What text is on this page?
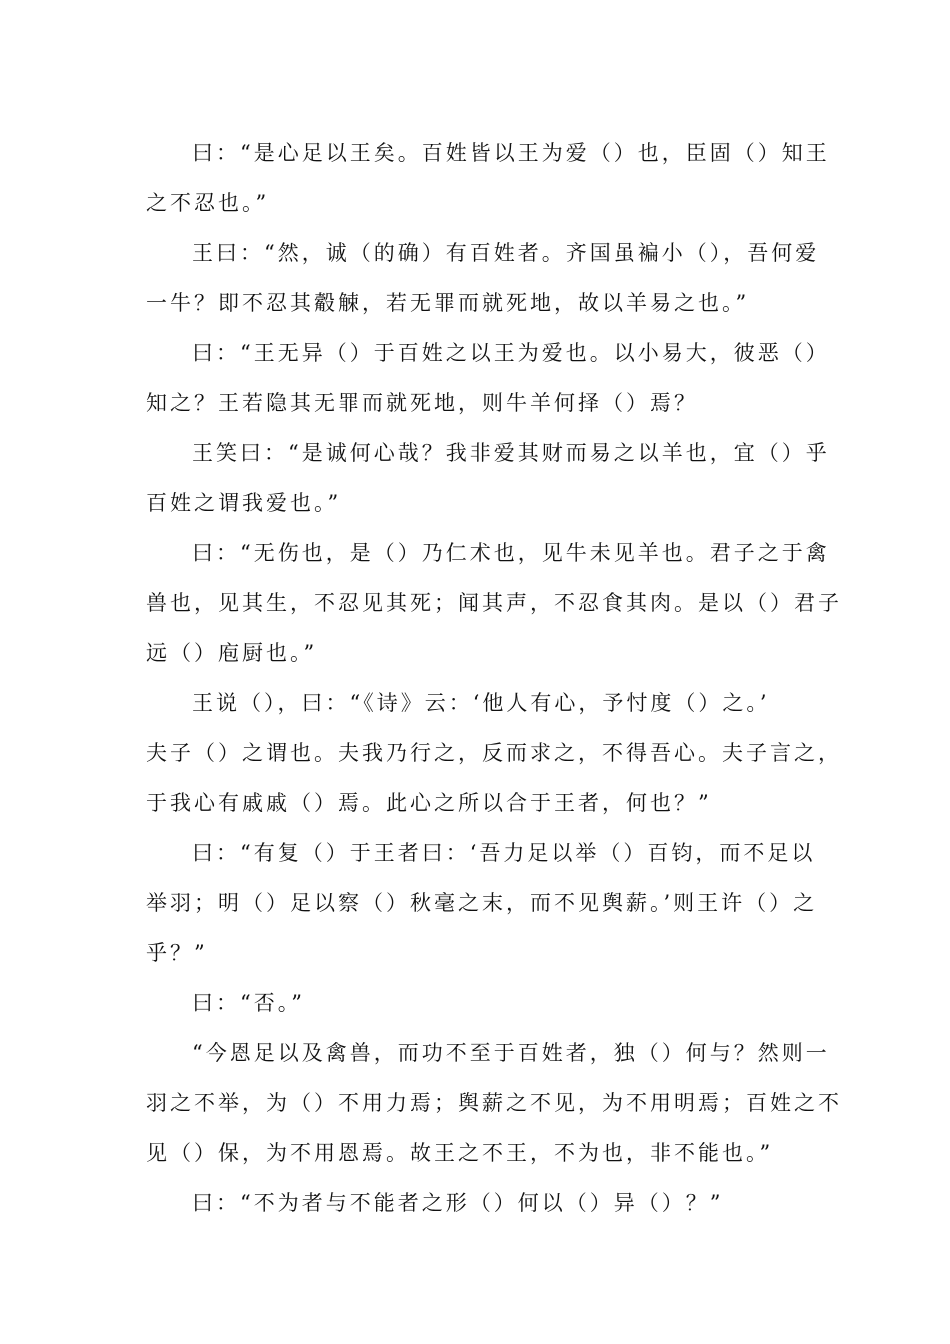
曰：“是心足以王矣。百姓皆以王为爱（）也，臣固（）知王
之不忍也。”
王曰：“然，诚（的确）有百姓者。齐国虽褊小（），吾何爱
一牛？即不忍其觳觫，若无罪而就死地，故以羊易之也。”
曰：“王无异（）于百姓之以王为爱也。以小易大，彼恶（）
知之？王若隐其无罪而就死地，则牛羊何择（）焉？
王笑曰：“是诚何心哉？我非爱其财而易之以羊也，宜（）乎
百姓之谓我爱也。”
曰：“无伤也，是（）乃仁术也，见牛未见羊也。君子之于禽
兽也，见其生，不忍见其死；闻其声，不忍食其肉。是以（）君子
远（）庖厨也。”
王说（），曰：“《诗》云：‘他人有心，予忖度（）之。’
夫子（）之谓也。夫我乃行之，反而求之，不得吾心。夫子言之，
于我心有戚戚（）焉。此心之所以合于王者，何也？”
曰：“有复（）于王者曰：‘吾力足以举（）百钧，而不足以
举羽；明（）足以察（）秋毫之末，而不见舆薪。’则王许（）之
乎？”
曰：“否。”
“今恩足以及禽兽，而功不至于百姓者，独（）何与？然则一
羽之不举，为（）不用力焉；舆薪之不见，为不用明焉；百姓之不
见（）保，为不用恩焉。故王之不王，不为也，非不能也。”
曰：“不为者与不能者之形（）何以（）异（）？”
